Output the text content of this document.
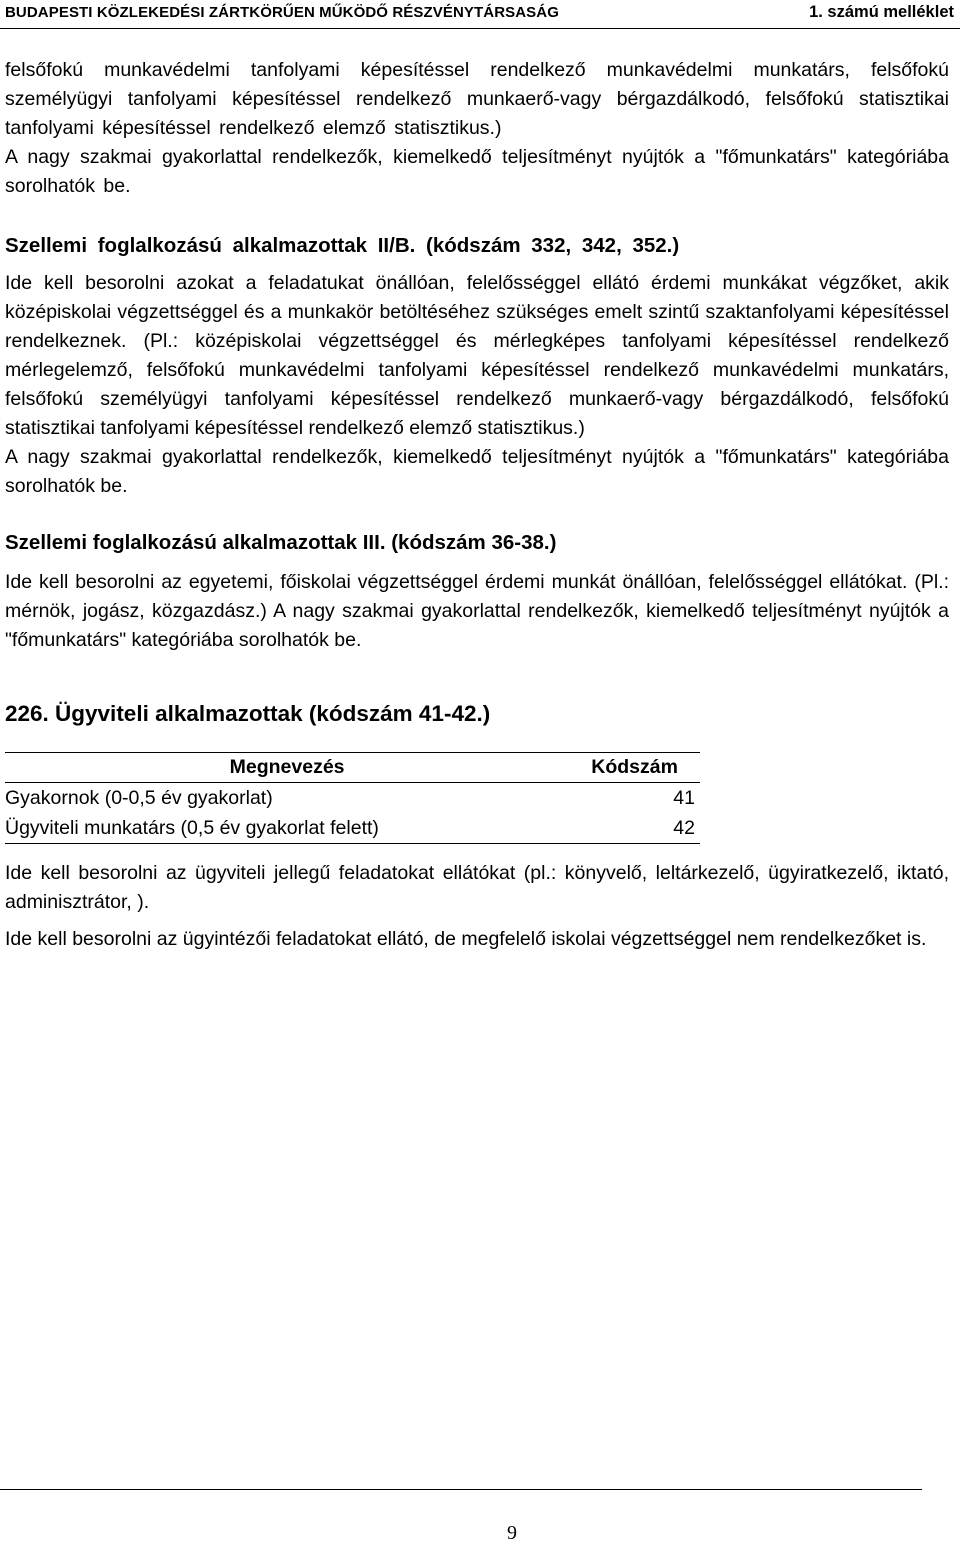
BUDAPESTI KÖZLEKEDÉSI ZÁRTKÖRŰEN MŰKÖDŐ RÉSZVÉNYTÁRSASÁG	1. számú melléklet

felsőfokú munkavédelmi tanfolyami képesítéssel rendelkező munkavédelmi munkatárs, felsőfokú személyügyi tanfolyami képesítéssel rendelkező munkaerő-vagy bérgazdálkodó, felsőfokú statisztikai tanfolyami képesítéssel rendelkező elemző statisztikus.)

A nagy szakmai gyakorlattal rendelkezők, kiemelkedő teljesítményt nyújtók a "főmunkatárs" kategóriába sorolhatók be.

Szellemi foglalkozású alkalmazottak II/B. (kódszám 332, 342, 352.)

Ide kell besorolni azokat a feladatukat önállóan, felelősséggel ellátó érdemi munkákat végzőket, akik középiskolai végzettséggel és a munkakör betöltéséhez szükséges emelt szintű szaktanfolyami képesítéssel rendelkeznek. (Pl.: középiskolai végzettséggel és mérlegképes tanfolyami képesítéssel rendelkező mérlegelemző, felsőfokú munkavédelmi tanfolyami képesítéssel rendelkező munkavédelmi munkatárs, felsőfokú személyügyi tanfolyami képesítéssel rendelkező munkaerő-vagy bérgazdálkodó, felsőfokú statisztikai tanfolyami képesítéssel rendelkező elemző statisztikus.)

A nagy szakmai gyakorlattal rendelkezők, kiemelkedő teljesítményt nyújtók a "főmunkatárs" kategóriába sorolhatók be.

Szellemi foglalkozású alkalmazottak III. (kódszám 36-38.)

Ide kell besorolni az egyetemi, főiskolai végzettséggel érdemi munkát önállóan, felelősséggel ellátókat. (Pl.: mérnök, jogász, közgazdász.) A nagy szakmai gyakorlattal rendelkezők, kiemelkedő teljesítményt nyújtók a "főmunkatárs" kategóriába sorolhatók be.

226. Ügyviteli alkalmazottak (kódszám 41-42.)
Megnevezés	Kódszám
Gyakornok (0-0,5 év gyakorlat)	41
Ügyviteli munkatárs (0,5 év gyakorlat felett)	42

Ide kell besorolni az ügyviteli jellegű feladatokat ellátókat (pl.: könyvelő, leltárkezelő, ügyiratkezelő, iktató, adminisztrátor, ).

Ide kell besorolni az ügyintézői feladatokat ellátó, de megfelelő iskolai végzettséggel nem rendelkezőket is.

9
